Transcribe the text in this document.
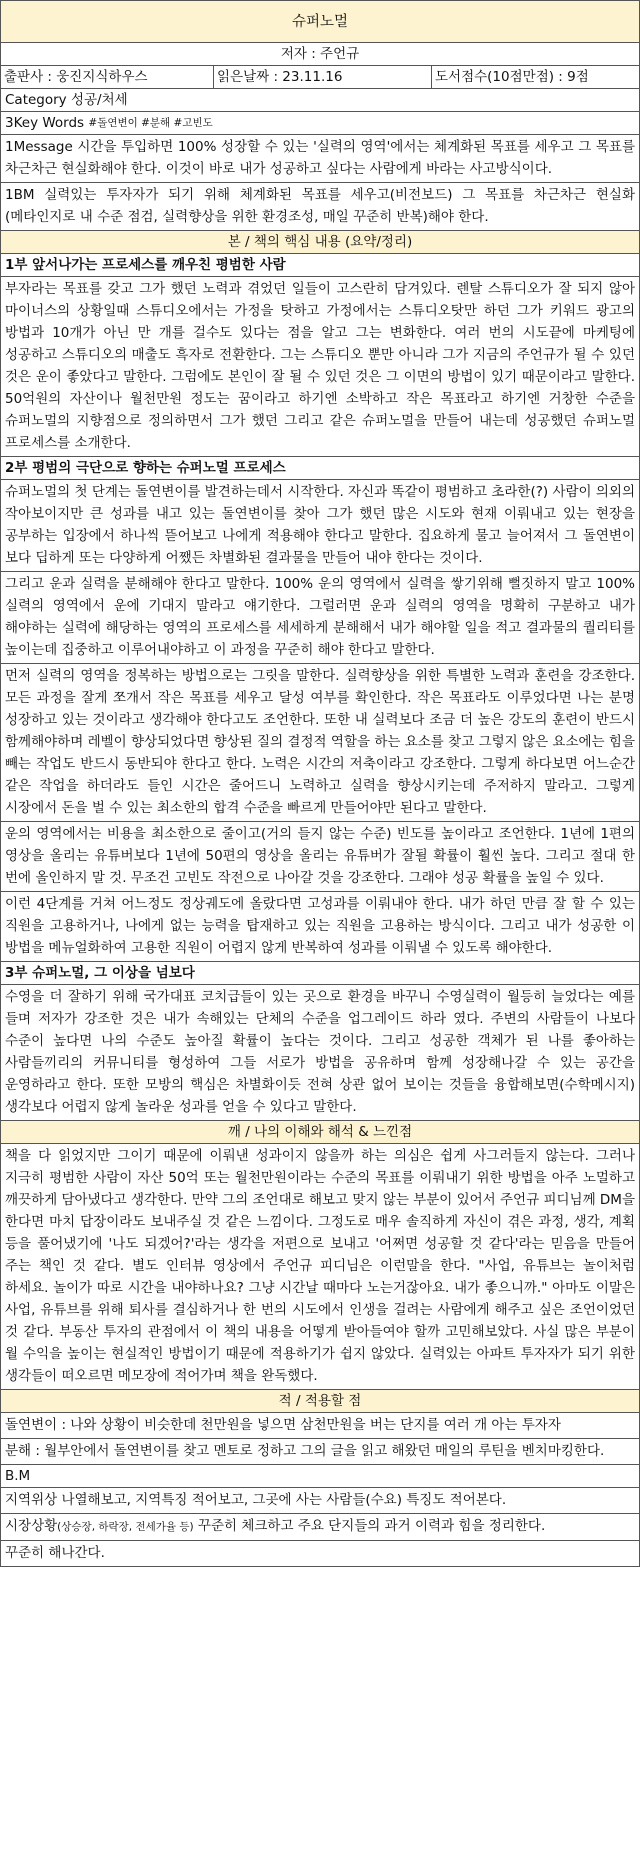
슈퍼노멀
저자 : 주언규
출판사 : 웅진지식하우스	읽은날짜 : 23.11.16	도서점수(10점만점) : 9점
Category 성공/처세
3Key Words
#돌연변이 #분해 #고빈도
1Message 시간을 투입하면 100% 성장할 수 있는 '실력의 영역'에서는 체계화된 목표를 세우고 그 목표를 차근차근 현실화해야 한다. 이것이 바로 내가 성공하고 싶다는 사람에게 바라는 사고방식이다.
1BM 실력있는 투자자가 되기 위해 체계화된 목표를 세우고(비전보드) 그 목표를 차근차근 현실화(메타인지로 내 수준 점검, 실력향상을 위한 환경조성, 매일 꾸준히 반복)해야 한다.
본 / 책의 핵심 내용 (요약/정리)
1부 앞서나가는 프로세스를 깨우친 평범한 사람
부자라는 목표를 갖고 그가 했던 노력과 겪었던 일들이 고스란히 담겨있다. 렌탈 스튜디오가 잘 되지 않아 마이너스의 상황일때 스튜디오에서는 가정을 탓하고 가정에서는 스튜디오탓만 하던 그가 키워드 광고의 방법과 10개가 아닌 만 개를 걸수도 있다는 점을 알고 그는 변화한다. 여러 번의 시도끝에 마케팅에 성공하고 스튜디오의 매출도 흑자로 전환한다. 그는 스튜디오 뿐만 아니라 그가 지금의 주언규가 될 수 있던 것은 운이 좋았다고 말한다. 그럼에도 본인이 잘 될 수 있던 것은 그 이면의 방법이 있기 때문이라고 말한다. 50억원의 자산이나 월천만원 정도는 꿈이라고 하기엔 소박하고 작은 목표라고 하기엔 거창한 수준을 슈퍼노멀의 지향점으로 정의하면서 그가 했던 그리고 같은 슈퍼노멀을 만들어 내는데 성공했던 슈퍼노멀 프로세스를 소개한다.
2부 평범의 극단으로 향하는 슈퍼노멀 프로세스
슈퍼노멀의 첫 단계는 돌연변이를 발견하는데서 시작한다. 자신과 똑같이 평범하고 초라한(?) 사람이 의외의 작아보이지만 큰 성과를 내고 있는 돌연변이를 찾아 그가 했던 많은 시도와 현재 이뤄내고 있는 현장을 공부하는 입장에서 하나씩 뜯어보고 나에게 적용해야 한다고 말한다. 집요하게 물고 늘어져서 그 돌연변이 보다 딥하게 또는 다양하게 어쨌든 차별화된 결과물을 만들어 내야 한다는 것이다.
그리고 운과 실력을 분해해야 한다고 말한다. 100% 운의 영역에서 실력을 쌓기위해 뻘짓하지 말고 100%실력의 영역에서 운에 기대지 말라고 얘기한다. 그럴러면 운과 실력의 영역을 명확히 구분하고 내가 해야하는 실력에 해당하는 영역의 프로세스를 세세하게 분해해서 내가 해야할 일을 적고 결과물의 퀄리티를 높이는데 집중하고 이루어내야하고 이 과정을 꾸준히 해야 한다고 말한다.
먼저 실력의 영역을 정복하는 방법으로는 그릿을 말한다. 실력향상을 위한 특별한 노력과 훈련을 강조한다. 모든 과정을 잘게 쪼개서 작은 목표를 세우고 달성 여부를 확인한다. 작은 목표라도 이루었다면 나는 분명 성장하고 있는 것이라고 생각해야 한다고도 조언한다. 또한 내 실력보다 조금 더 높은 강도의 훈련이 반드시 함께해야하며 레벨이 향상되었다면 향상된 질의 결정적 역할을 하는 요소를 찾고 그렇지 않은 요소에는 힘을 빼는 작업도 반드시 동반되야 한다고 한다. 노력은 시간의 저축이라고 강조한다. 그렇게 하다보면 어느순간 같은 작업을 하더라도 들인 시간은 줄어드니 노력하고 실력을 향상시키는데 주저하지 말라고. 그렇게 시장에서 돈을 벌 수 있는 최소한의 합격 수준을 빠르게 만들어야만 된다고 말한다.
운의 영역에서는 비용을 최소한으로 줄이고(거의 들지 않는 수준) 빈도를 높이라고 조언한다. 1년에 1편의 영상을 올리는 유튜버보다 1년에 50편의 영상을 올리는 유튜버가 잘될 확률이 훨씬 높다. 그리고 절대 한 번에 올인하지 말 것. 무조건 고빈도 작전으로 나아갈 것을 강조한다. 그래야 성공 확률을 높일 수 있다.
이런 4단계를 거쳐 어느정도 정상궤도에 올랐다면 고성과를 이뤄내야 한다. 내가 하던 만큼 잘 할 수 있는 직원을 고용하거나, 나에게 없는 능력을 탑재하고 있는 직원을 고용하는 방식이다. 그리고 내가 성공한 이 방법을 메뉴얼화하여 고용한 직원이 어렵지 않게 반복하여 성과를 이뤄낼 수 있도록 해야한다.
3부 슈퍼노멀, 그 이상을 넘보다
수영을 더 잘하기 위해 국가대표 코치급들이 있는 곳으로 환경을 바꾸니 수영실력이 월등히 늘었다는 예를 들며 저자가 강조한 것은 내가 속해있는 단체의 수준을 업그레이드 하라 였다. 주변의 사람들이 나보다 수준이 높다면 나의 수준도 높아질 확률이 높다는 것이다. 그리고 성공한 객체가 된 나를 좋아하는 사람들끼리의 커뮤니티를 형성하여 그들 서로가 방법을 공유하며 함께 성장해나갈 수 있는 공간을 운영하라고 한다. 또한 모방의 핵심은 차별화이듯 전혀 상관 없어 보이는 것들을 융합해보면(수학메시지) 생각보다 어렵지 않게 놀라운 성과를 얻을 수 있다고 말한다.
깨 / 나의 이해와 해석 & 느낀점
책을 다 읽었지만 그이기 때문에 이뤄낸 성과이지 않을까 하는 의심은 쉽게 사그러들지 않는다. 그러나 지극히 평범한 사람이 자산 50억 또는 월천만원이라는 수준의 목표를 이뤄내기 위한 방법을 아주 노멀하고 깨끗하게 담아냈다고 생각한다. 만약 그의 조언대로 해보고 맞지 않는 부분이 있어서 주언규 피디님께 DM을 한다면 마치 답장이라도 보내주실 것 같은 느낌이다. 그정도로 매우 솔직하게 자신이 겪은 과정, 생각, 계획 등을 풀어냈기에 '나도 되겠어?'라는 생각을 저편으로 보내고 '어쩌면 성공할 것 같다'라는 믿음을 만들어 주는 책인 것 같다. 별도 인터뷰 영상에서 주언규 피디님은 이런말을 한다. "사업, 유튜브는 놀이처럼 하세요. 놀이가 따로 시간을 내야하나요? 그냥 시간날 때마다 노는거잖아요. 내가 좋으니까." 아마도 이말은 사업, 유튜브를 위해 퇴사를 결심하거나 한 번의 시도에서 인생을 걸려는 사람에게 해주고 싶은 조언이었던 것 같다. 부동산 투자의 관점에서 이 책의 내용을 어떻게 받아들여야 할까 고민해보았다. 사실 많은 부분이 월 수익을 높이는 현실적인 방법이기 때문에 적용하기가 쉽지 않았다. 실력있는 아파트 투자자가 되기 위한 생각들이 떠오르면 메모장에 적어가며 책을 완독했다.
적 / 적용할 점
돌연변이 : 나와 상황이 비슷한데 천만원을 넣으면 삼천만원을 버는 단지를 여러 개 아는 투자자
분해 : 월부안에서 돌연변이를 찾고 멘토로 정하고 그의 글을 읽고 해왔던 매일의 루틴을 벤치마킹한다.
B.M
지역위상 나열해보고, 지역특징 적어보고, 그곳에 사는 사람들(수요) 특징도 적어본다.
시장상황(상승장, 하락장, 전세가율 등) 꾸준히 체크하고 주요 단지들의 과거 이력과 힘을 정리한다.
꾸준히 해나간다.
